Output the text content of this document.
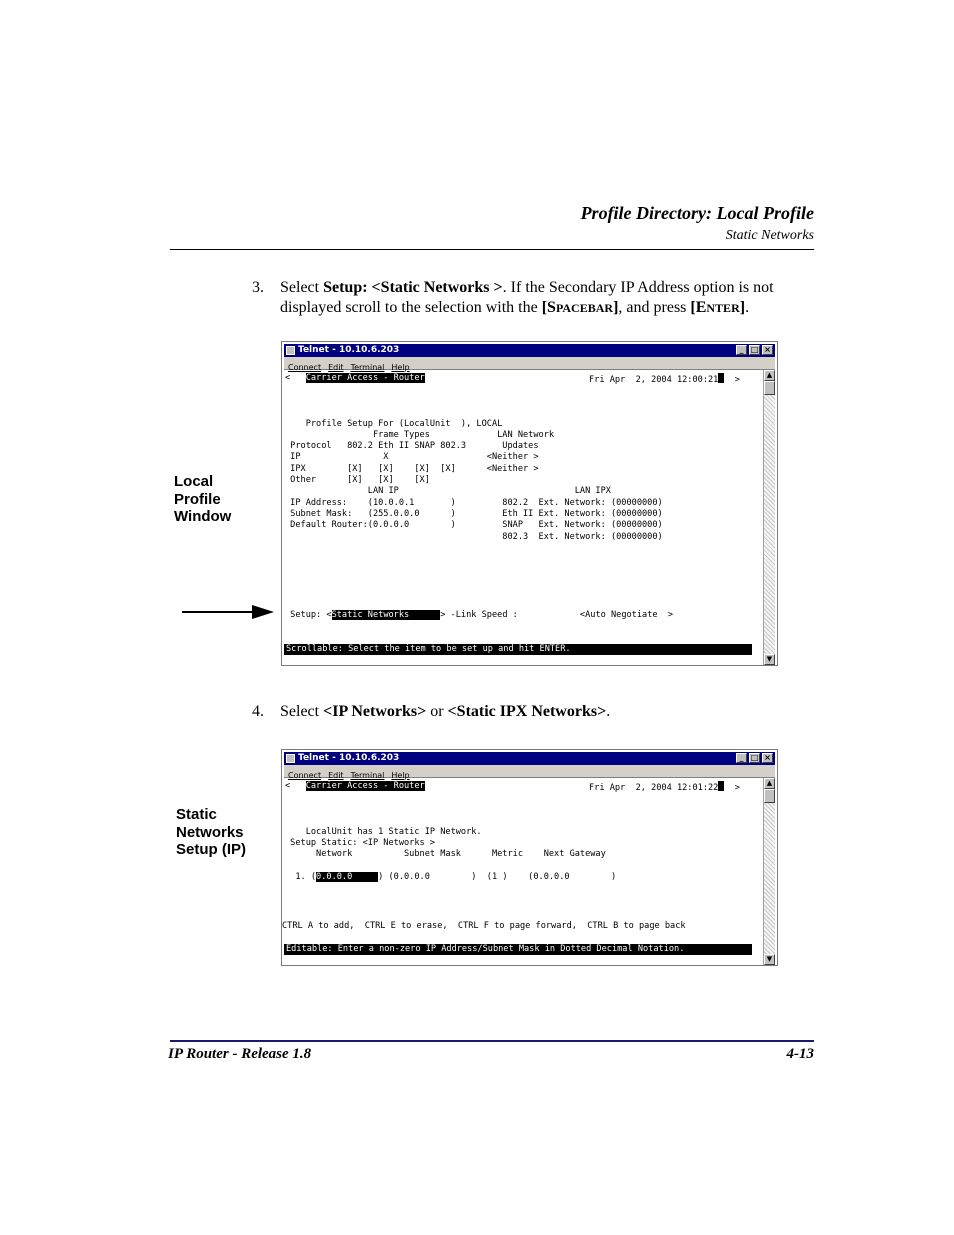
Profile Directory: Local Profile
Static Networks
3. Select Setup: <Static Networks >. If the Secondary IP Address option is not
displayed scroll to the selection with the [SPACEBAR], and press [ENTER].
Local
Profile
Window
Telnet - 10.10.6.203	_ □ ×
Connect Edit Terminal Help
<   Carrier Access - Router	Fri Apr  2, 2004 12:00:21  >

Profile Setup For (LocalUnit  ), LOCAL
Frame Types             LAN Network
Protocol   802.2 Eth II SNAP 802.3       Updates
IP                X                   <Neither >
IPX        [X]   [X]    [X]  [X]      <Neither >
Other      [X]   [X]    [X]
LAN IP                                  LAN IPX
IP Address:    (10.0.0.1       )         802.2  Ext. Network: (00000000)
Subnet Mask:   (255.0.0.0      )         Eth II Ext. Network: (00000000)
Default Router:(0.0.0.0        )         SNAP   Ext. Network: (00000000)
802.3  Ext. Network: (00000000)

Setup: <Static Networks      > -Link Speed :            <Auto Negotiate  >
Scrollable: Select the item to be set up and hit ENTER.
▲
▼
4. Select <IP Networks> or <Static IPX Networks>.
Static
Networks
Setup (IP)
Telnet - 10.10.6.203	_ □ ×
Connect Edit Terminal Help
<   Carrier Access - Router	Fri Apr  2, 2004 12:01:22  >

LocalUnit has 1 Static IP Network.
Setup Static: <IP Networks >
Network          Subnet Mask      Metric    Next Gateway

1. (0.0.0.0     ) (0.0.0.0        )  (1 )    (0.0.0.0        )
CTRL A to add,  CTRL E to erase,  CTRL F to page forward,  CTRL B to page back
Editable: Enter a non-zero IP Address/Subnet Mask in Dotted Decimal Notation.
▲
▼
IP Router - Release 1.8	4-13
